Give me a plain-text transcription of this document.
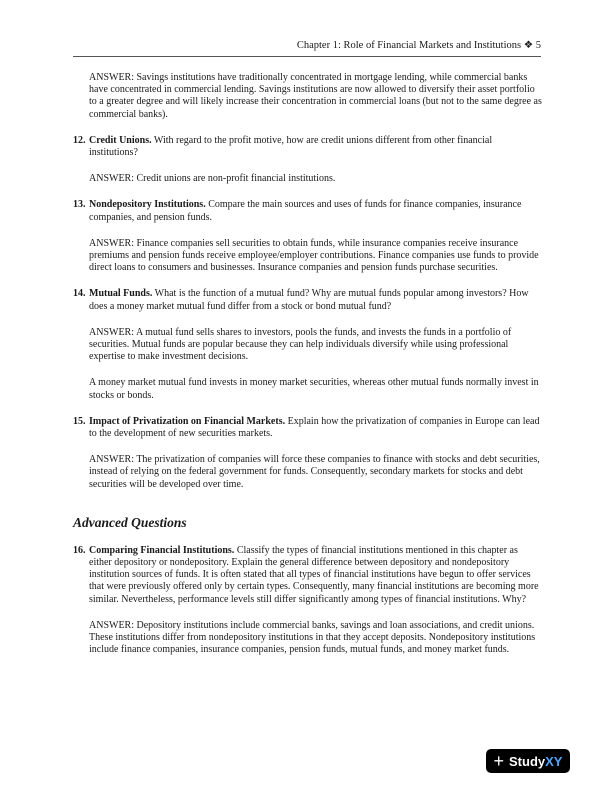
Chapter 1: Role of Financial Markets and Institutions ❖ 5

ANSWER: Savings institutions have traditionally concentrated in mortgage lending, while commercial banks have concentrated in commercial lending. Savings institutions are now allowed to diversify their asset portfolio to a greater degree and will likely increase their concentration in commercial loans (but not to the same degree as commercial banks).

12. Credit Unions. With regard to the profit motive, how are credit unions different from other financial institutions?
ANSWER: Credit unions are non-profit financial institutions.
13. Nondepository Institutions. Compare the main sources and uses of funds for finance companies, insurance companies, and pension funds.
ANSWER: Finance companies sell securities to obtain funds, while insurance companies receive insurance premiums and pension funds receive employee/employer contributions. Finance companies use funds to provide direct loans to consumers and businesses. Insurance companies and pension funds purchase securities.
14. Mutual Funds. What is the function of a mutual fund? Why are mutual funds popular among investors? How does a money market mutual fund differ from a stock or bond mutual fund?
ANSWER: A mutual fund sells shares to investors, pools the funds, and invests the funds in a portfolio of securities. Mutual funds are popular because they can help individuals diversify while using professional expertise to make investment decisions.
A money market mutual fund invests in money market securities, whereas other mutual funds normally invest in stocks or bonds.
15. Impact of Privatization on Financial Markets. Explain how the privatization of companies in Europe can lead to the development of new securities markets.
ANSWER: The privatization of companies will force these companies to finance with stocks and debt securities, instead of relying on the federal government for funds. Consequently, secondary markets for stocks and debt securities will be developed over time.
Advanced Questions
16. Comparing Financial Institutions. Classify the types of financial institutions mentioned in this chapter as either depository or nondepository. Explain the general difference between depository and nondepository institution sources of funds. It is often stated that all types of financial institutions have begun to offer services that were previously offered only by certain types. Consequently, many financial institutions are becoming more similar. Nevertheless, performance levels still differ significantly among types of financial institutions. Why?
ANSWER: Depository institutions include commercial banks, savings and loan associations, and credit unions. These institutions differ from nondepository institutions in that they accept deposits. Nondepository institutions include finance companies, insurance companies, pension funds, mutual funds, and money market funds.
+ StudyXY
